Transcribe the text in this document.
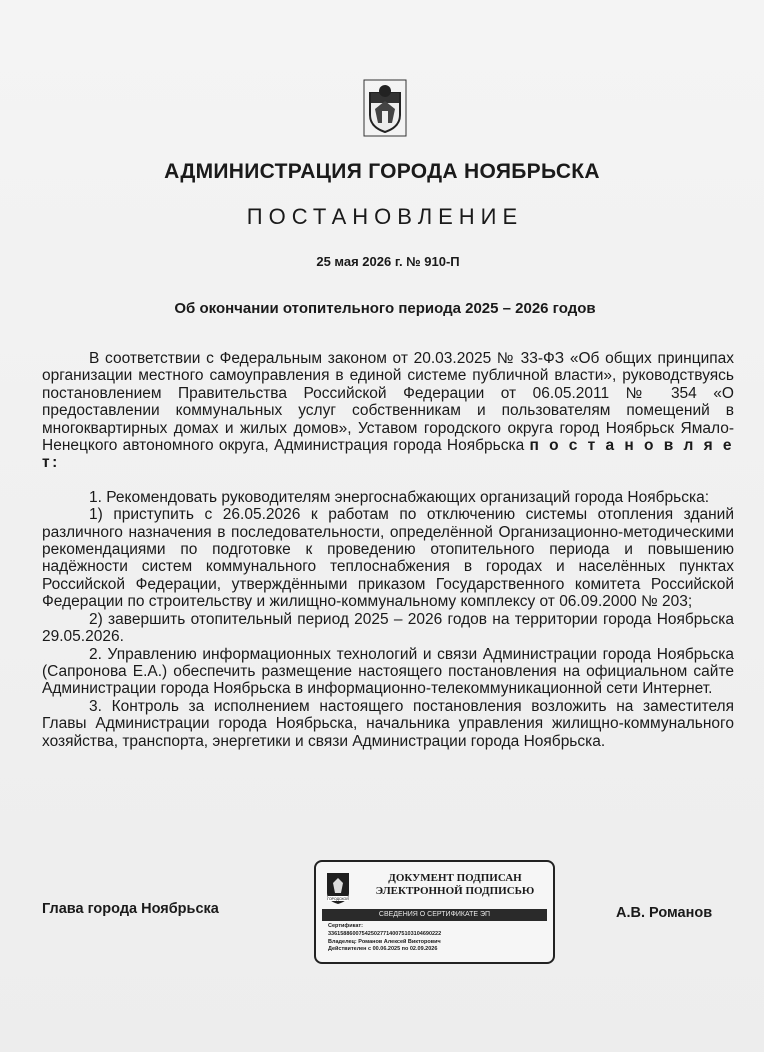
АДМИНИСТРАЦИЯ ГОРОДА НОЯБРЬСКА
ПОСТАНОВЛЕНИЕ
25 мая 2026 г. № 910-П
Об окончании отопительного периода 2025 – 2026 годов

В соответствии с Федеральным законом от 20.03.2025 № 33-ФЗ «Об общих принципах организации местного самоуправления в единой системе публичной власти», руководствуясь постановлением Правительства Российской Федерации от 06.05.2011 № 354 «О предоставлении коммунальных услуг собственникам и пользователям помещений в многоквартирных домах и жилых домов», Уставом городского округа город Ноябрьск Ямало-Ненецкого автономного округа, Администрация города Ноябрьска п о с т а н о в л я е т:

1. Рекомендовать руководителям энергоснабжающих организаций города Ноябрьска:

1) приступить с 26.05.2026 к работам по отключению системы отопления зданий различного назначения в последовательности, определённой Организационно-методическими рекомендациями по подготовке к проведению отопительного периода и повышению надёжности систем коммунального теплоснабжения в городах и населённых пунктах Российской Федерации, утверждёнными приказом Государственного комитета Российской Федерации по строительству и жилищно-коммунальному комплексу от 06.09.2000 № 203;

2) завершить отопительный период 2025 – 2026 годов на территории города Ноябрьска 29.05.2026.

2. Управлению информационных технологий и связи Администрации города Ноябрьска (Сапронова Е.А.) обеспечить размещение настоящего постановления на официальном сайте Администрации города Ноябрьска в информационно-телекоммуникационной сети Интернет.

3. Контроль за исполнением настоящего постановления возложить на заместителя Главы Администрации города Ноябрьска, начальника управления жилищно-коммунального хозяйства, транспорта, энергетики и связи Администрации города Ноябрьска.

Глава города Ноябрьска	А.В. Романов
ГОРОДСКОЙ
ДОКУМЕНТ ПОДПИСАН
ЭЛЕКТРОННОЙ ПОДПИСЬЮ
СВЕДЕНИЯ О СЕРТИФИКАТЕ ЭП
Сертификат:
3361588600754250277140075103104690222
Владелец: Романов Алексей Викторович
Действителен с 00.06.2025 по 02.09.2026
